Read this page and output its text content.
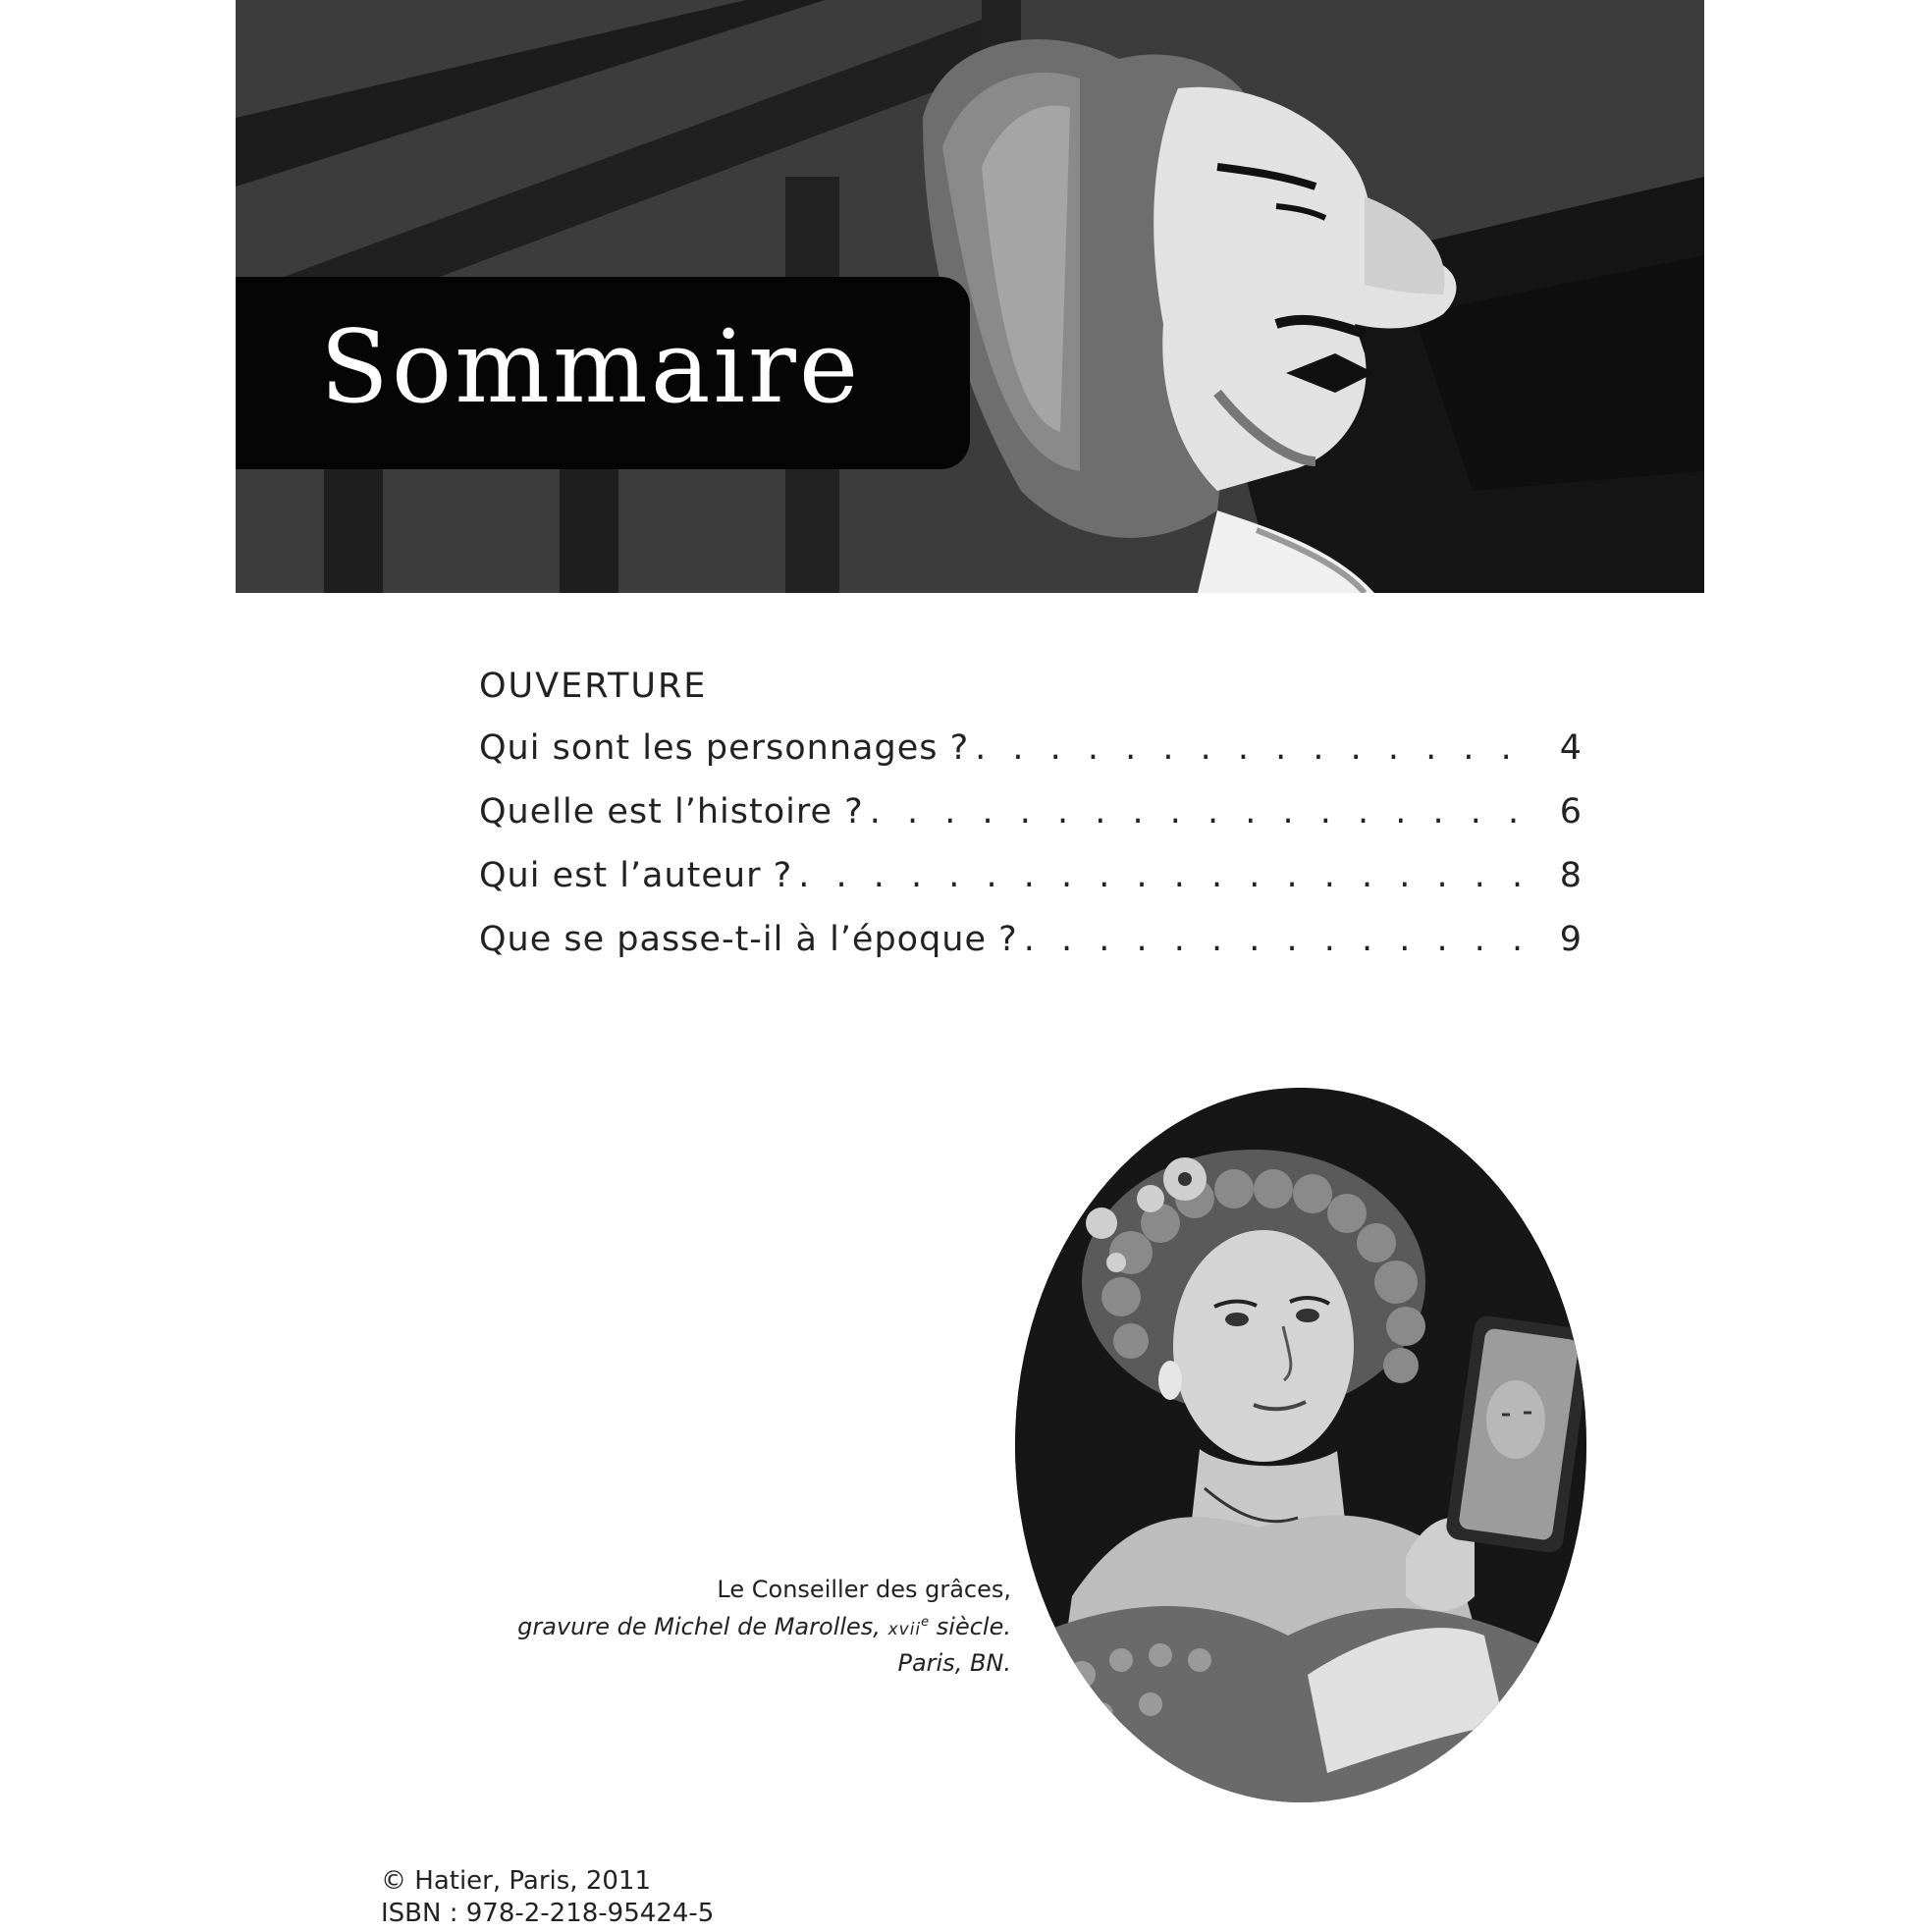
Sommaire
OUVERTURE
Qui sont les personnages ? . . .	4
Quelle est l’histoire ? . . .	6
Qui est l’auteur ? . . .	8
Que se passe-t-il à l’époque ? . . .	9
Le Conseiller des grâces,
gravure de Michel de Marolles, xvii$^e$ siècle.
Paris, BN.
© Hatier, Paris, 2011
ISBN : 978-2-218-95424-5
